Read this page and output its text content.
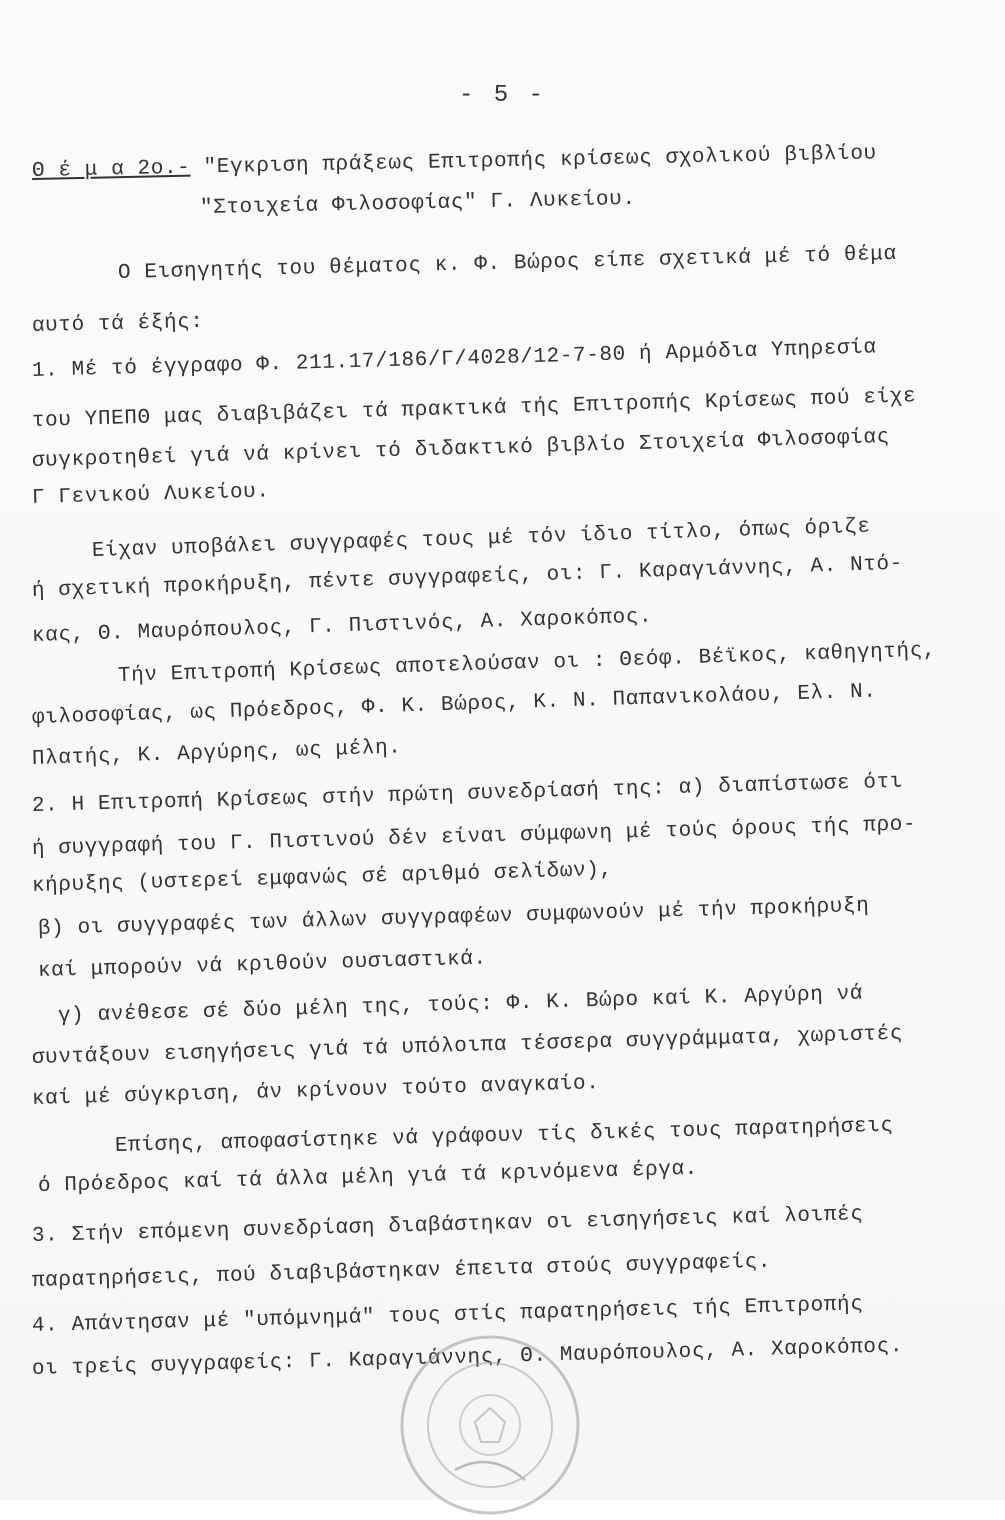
- 5 -
Θ έ μ α 2ο.- "Εγκριση πράξεως Επιτροπής κρίσεως σχολικού βιβλίου
"Στοιχεία Φιλοσοφίας" Γ. Λυκείου.
Ο Εισηγητής του θέματος κ. Φ. Βώρος είπε σχετικά μέ τό θέμα
αυτό τά έξής:
1. Μέ τό έγγραφο Φ. 211.17/186/Γ/4028/12-7-80 ή Αρμόδια Υπηρεσία
του ΥΠΕΠΘ μας διαβιβάζει τά πρακτικά τής Επιτροπής Κρίσεως πού είχε
συγκροτηθεί γιά νά κρίνει τό διδακτικό βιβλίο Στοιχεία Φιλοσοφίας
Γ Γενικού Λυκείου.
Είχαν υποβάλει συγγραφές τους μέ τόν ίδιο τίτλο, όπως όριζε
ή σχετική προκήρυξη, πέντε συγγραφείς, οι: Γ. Καραγιάννης, Α. Ντό-
κας, Θ. Μαυρόπουλος, Γ. Πιστινός, Α. Χαροκόπος.
Τήν Επιτροπή Κρίσεως αποτελούσαν οι : Θεόφ. Βέϊκος, καθηγητής,
φιλοσοφίας, ως Πρόεδρος, Φ. Κ. Βώρος, Κ. Ν. Παπανικολάου, Ελ. Ν.
Πλατής, Κ. Αργύρης, ως μέλη.
2. Η Επιτροπή Κρίσεως στήν πρώτη συνεδρίασή της: α) διαπίστωσε ότι
ή συγγραφή του Γ. Πιστινού δέν είναι σύμφωνη μέ τούς όρους τής προ-
κήρυξης (υστερεί εμφανώς σέ αριθμό σελίδων),
β) οι συγγραφές των άλλων συγγραφέων συμφωνούν μέ τήν προκήρυξη
καί μπορούν νά κριθούν ουσιαστικά.
γ) ανέθεσε σέ δύο μέλη της, τούς: Φ. Κ. Βώρο καί Κ. Αργύρη νά
συντάξουν εισηγήσεις γιά τά υπόλοιπα τέσσερα συγγράμματα, χωριστές
καί μέ σύγκριση, άν κρίνουν τούτο αναγκαίο.
Επίσης, αποφασίστηκε νά γράφουν τίς δικές τους παρατηρήσεις
ό Πρόεδρος καί τά άλλα μέλη γιά τά κρινόμενα έργα.
3. Στήν επόμενη συνεδρίαση διαβάστηκαν οι εισηγήσεις καί λοιπές
παρατηρήσεις, πού διαβιβάστηκαν έπειτα στούς συγγραφείς.
4. Απάντησαν μέ "υπόμνημά" τους στίς παρατηρήσεις τής Επιτροπής
οι τρείς συγγραφείς: Γ. Καραγιάννης, Θ. Μαυρόπουλος, Α. Χαροκόπος.
